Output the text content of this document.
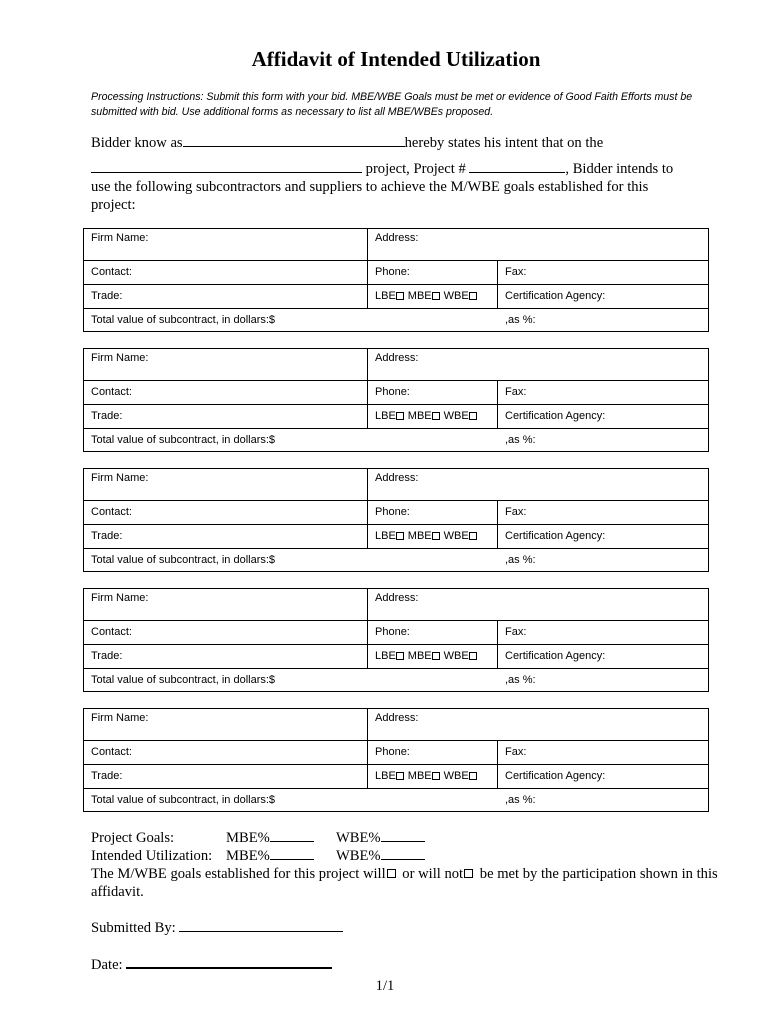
Affidavit of Intended Utilization
Processing Instructions: Submit this form with your bid. MBE/WBE Goals must be met or evidence of Good Faith Efforts must be submitted with bid. Use additional forms as necessary to list all MBE/WBEs proposed.
Bidder know as	hereby states his intent that on the
project, Project #	, Bidder intends to
use the following subcontractors and suppliers to achieve the M/WBE goals established for this
project:
Firm Name:	Address:
Contact:	Phone:	Fax:
Trade:	LBE MBE WBE	Certification Agency:
Total value of subcontract, in dollars:$	,as %:
Firm Name:	Address:
Contact:	Phone:	Fax:
Trade:	LBE MBE WBE	Certification Agency:
Total value of subcontract, in dollars:$	,as %:
Firm Name:	Address:
Contact:	Phone:	Fax:
Trade:	LBE MBE WBE	Certification Agency:
Total value of subcontract, in dollars:$	,as %:
Firm Name:	Address:
Contact:	Phone:	Fax:
Trade:	LBE MBE WBE	Certification Agency:
Total value of subcontract, in dollars:$	,as %:
Firm Name:	Address:
Contact:	Phone:	Fax:
Trade:	LBE MBE WBE	Certification Agency:
Total value of subcontract, in dollars:$	,as %:
Project Goals:	MBE%	WBE%
Intended Utilization: MBE%	WBE%
The M/WBE goals established for this project will or will not be met by the participation shown in this affidavit.
Submitted By:
Date:
1/1
